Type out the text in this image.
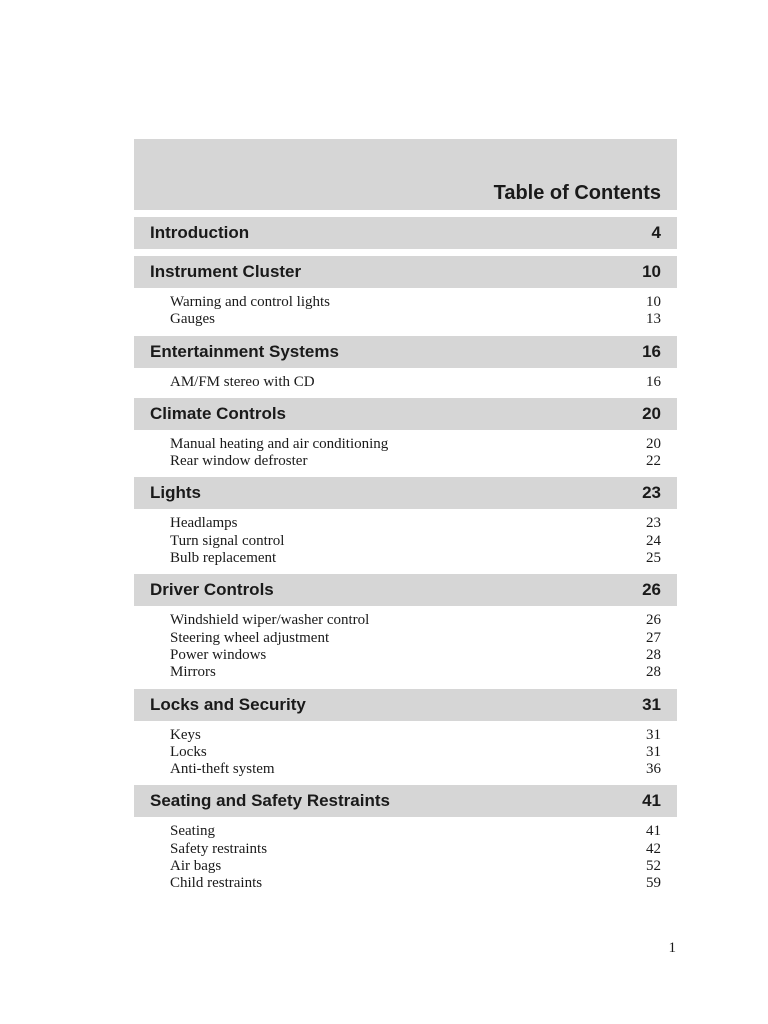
Table of Contents
Introduction	4
Instrument Cluster	10
Warning and control lights	10
Gauges	13
Entertainment Systems	16
AM/FM stereo with CD	16
Climate Controls	20
Manual heating and air conditioning	20
Rear window defroster	22
Lights	23
Headlamps	23
Turn signal control	24
Bulb replacement	25
Driver Controls	26
Windshield wiper/washer control	26
Steering wheel adjustment	27
Power windows	28
Mirrors	28
Locks and Security	31
Keys	31
Locks	31
Anti-theft system	36
Seating and Safety Restraints	41
Seating	41
Safety restraints	42
Air bags	52
Child restraints	59
1
